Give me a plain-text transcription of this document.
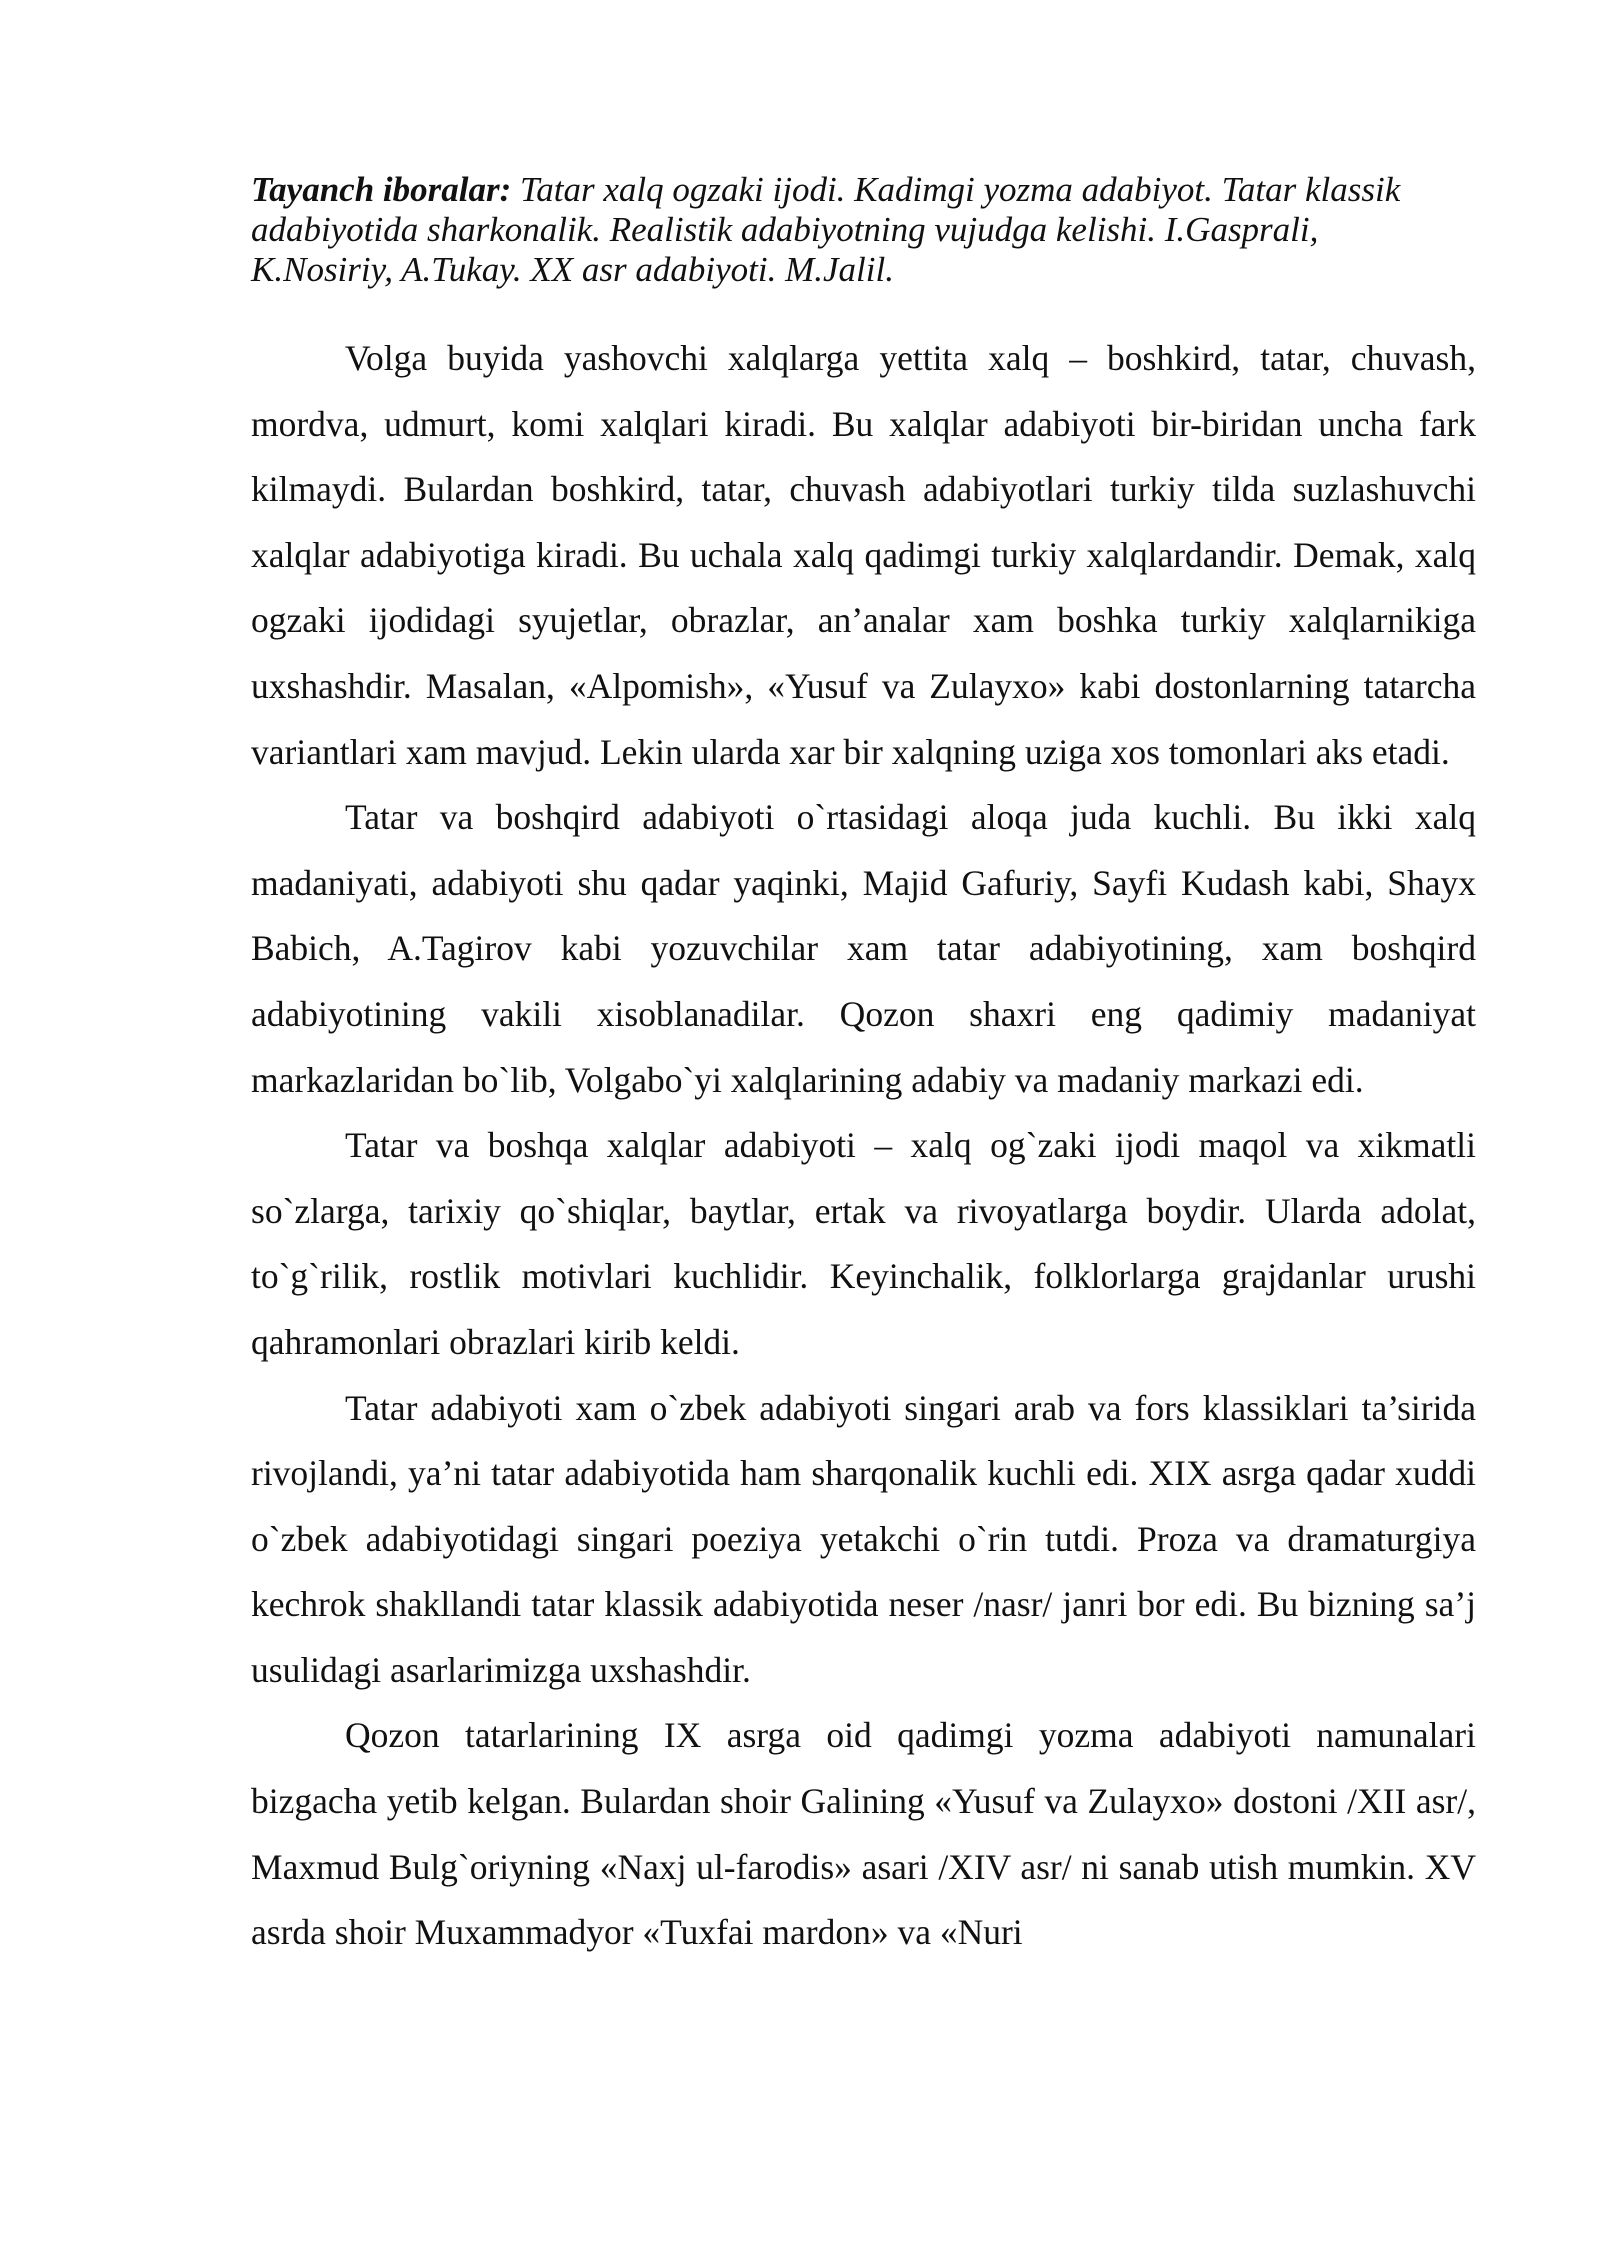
Tayanch iboralar: Tatar xalq ogzaki ijodi. Kadimgi yozma adabiyot. Tatar klassik adabiyotida sharkonalik. Realistik adabiyotning vujudga kelishi. I.Gasprali, K.Nosiriy, A.Tukay. XX asr adabiyoti. M.Jalil.

Volga buyida yashovchi xalqlarga yettita xalq – boshkird, tatar, chuvash, mordva, udmurt, komi xalqlari kiradi. Bu xalqlar adabiyoti bir-biridan uncha fark kilmaydi. Bulardan boshkird, tatar, chuvash adabiyotlari turkiy tilda suzlashuvchi xalqlar adabiyotiga kiradi. Bu uchala xalq qadimgi turkiy xalqlardandir. Demak, xalq ogzaki ijodidagi syujetlar, obrazlar, an’analar xam boshka turkiy xalqlarnikiga uxshashdir. Masalan, «Alpomish», «Yusuf va Zulayxo» kabi dostonlarning tatarcha variantlari xam mavjud. Lekin ularda xar bir xalqning uziga xos tomonlari aks etadi.

Tatar va boshqird adabiyoti o`rtasidagi aloqa juda kuchli. Bu ikki xalq madaniyati, adabiyoti shu qadar yaqinki, Majid Gafuriy, Sayfi Kudash kabi, Shayx Babich, A.Tagirov kabi yozuvchilar xam tatar adabiyotining, xam boshqird adabiyotining vakili xisoblanadilar. Qozon shaxri eng qadimiy madaniyat markazlaridan bo`lib, Volgabo`yi xalqlarining adabiy va madaniy markazi edi.

Tatar va boshqa xalqlar adabiyoti – xalq og`zaki ijodi maqol va xikmatli so`zlarga, tarixiy qo`shiqlar, baytlar, ertak va rivoyatlarga boydir. Ularda adolat, to`g`rilik, rostlik motivlari kuchlidir. Keyinchalik, folklorlarga grajdanlar urushi qahramonlari obrazlari kirib keldi.

Tatar adabiyoti xam o`zbek adabiyoti singari arab va fors klassiklari ta’sirida rivojlandi, ya’ni tatar adabiyotida ham sharqonalik kuchli edi. XIX asrga qadar xuddi o`zbek adabiyotidagi singari poeziya yetakchi o`rin tutdi. Proza va dramaturgiya kechrok shakllandi tatar klassik adabiyotida neser /nasr/ janri bor edi. Bu bizning sa’j usulidagi asarlarimizga uxshashdir.

Qozon tatarlarining IX asrga oid qadimgi yozma adabiyoti namunalari bizgacha yetib kelgan. Bulardan shoir Galining «Yusuf va Zulayxo» dostoni /XII asr/, Maxmud Bulg`oriyning «Naxj ul-farodis» asari /XIV asr/ ni sanab utish mumkin. XV asrda shoir Muxammadyor «Tuxfai mardon» va «Nuri
